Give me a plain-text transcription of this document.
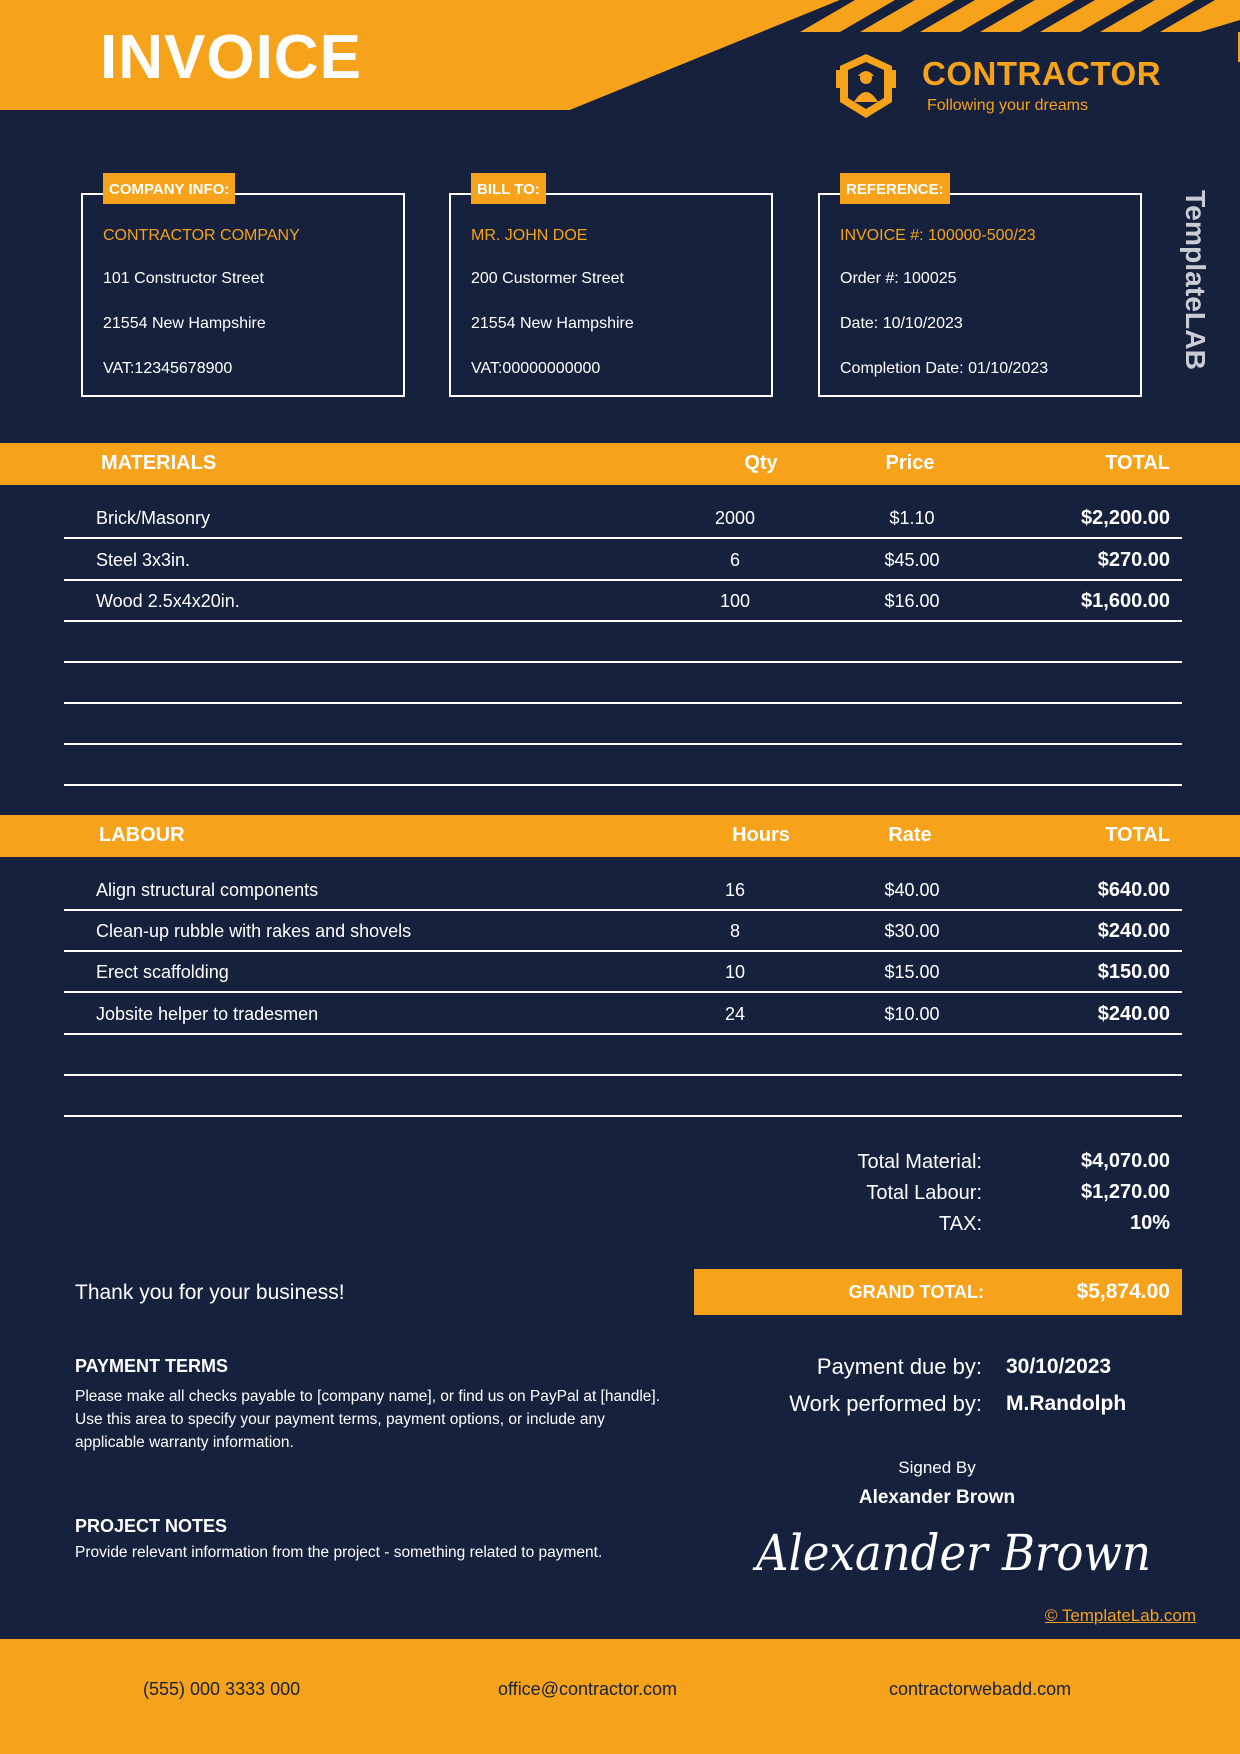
INVOICE	CONTRACTOR
Following your dreams
COMPANY INFO:
CONTRACTOR COMPANY
101 Constructor Street
21554 New Hampshire
VAT:12345678900
BILL TO:
MR. JOHN DOE
200 Custormer Street
21554 New Hampshire
VAT:00000000000
REFERENCE:
INVOICE #: 100000-500/23
Order #: 100025
Date: 10/10/2023
Completion Date: 01/10/2023
TemplateLAB
MATERIALS	Qty	Price	TOTAL
Brick/Masonry	2000	$1.10	$2,200.00
Steel 3x3in.	6	$45.00	$270.00
Wood 2.5x4x20in.	100	$16.00	$1,600.00
LABOUR	Hours	Rate	TOTAL
Align structural components	16	$40.00	$640.00
Clean-up rubble with rakes and shovels	8	$30.00	$240.00
Erect scaffolding	10	$15.00	$150.00
Jobsite helper to tradesmen	24	$10.00	$240.00
Total Material:	$4,070.00
Total Labour:	$1,270.00
TAX:	10%
GRAND TOTAL:	$5,874.00
Thank you for your business!
PAYMENT TERMS
Please make all checks payable to [company name], or find us on PayPal at [handle]. Use this area to specify your payment terms, payment options, or include any applicable warranty information.
PROJECT NOTES
Provide relevant information from the project - something related to payment.
Payment due by: 30/10/2023
Work performed by: M.Randolph
Signed By
Alexander Brown
Alexander Brown
© TemplateLab.com
(555) 000 3333 000	office@contractor.com	contractorwebadd.com
